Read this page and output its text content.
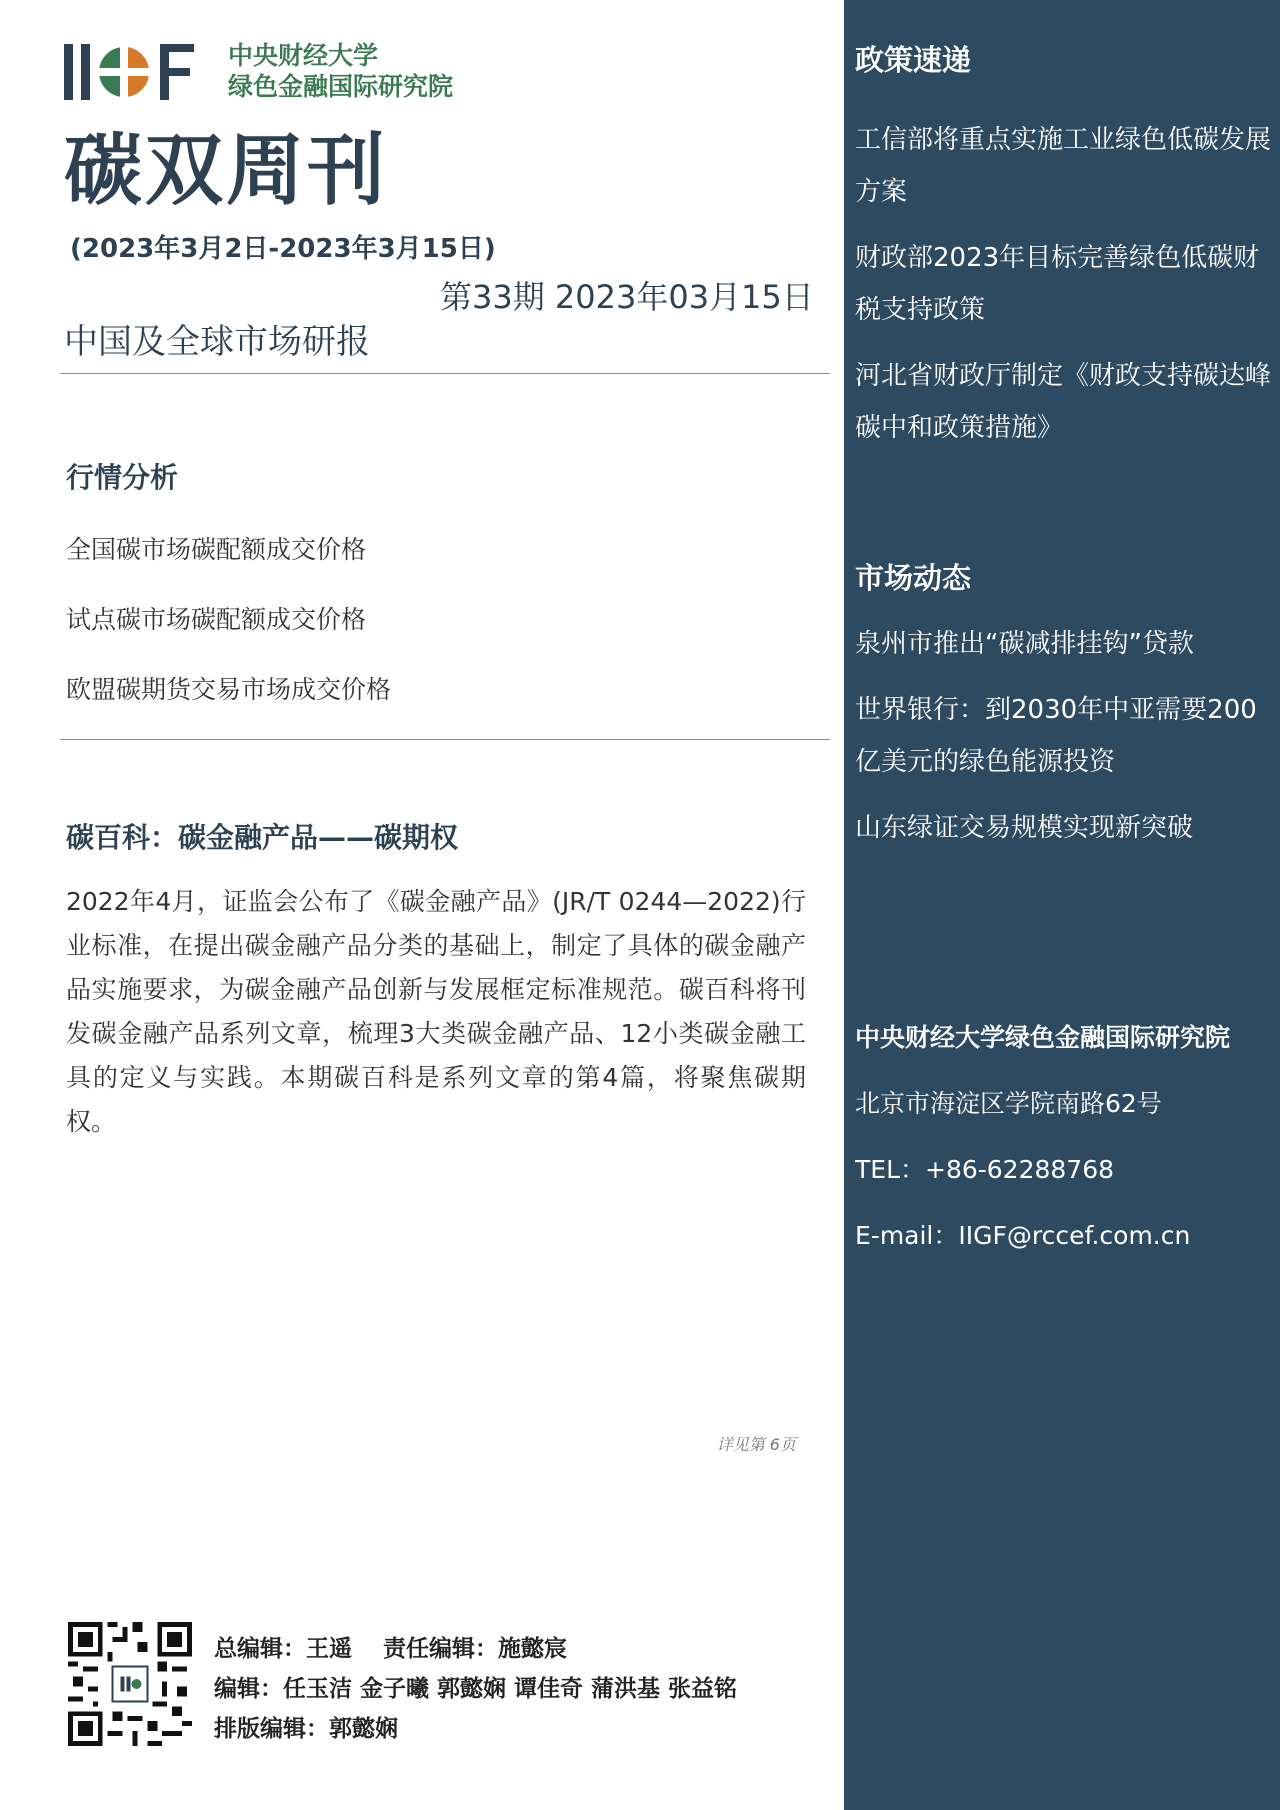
IIGF	中央财经大学
绿色金融国际研究院
碳双周刊
(2023年3月2日-2023年3月15日)
第33期 2023年03月15日
中国及全球市场研报
行情分析
全国碳市场碳配额成交价格
试点碳市场碳配额成交价格
欧盟碳期货交易市场成交价格
碳百科：碳金融产品——碳期权

2022年4月，证监会公布了《碳金融产品》(JR/T 0244—2022)行业标准，在提出碳金融产品分类的基础上，制定了具体的碳金融产品实施要求，为碳金融产品创新与发展框定标准规范。碳百科将刊发碳金融产品系列文章，梳理3大类碳金融产品、12小类碳金融工具的定义与实践。本期碳百科是系列文章的第4篇，将聚焦碳期权。

详见第 6页
总编辑：王遥　 责任编辑：施懿宸
编辑：任玉洁 金子曦 郭懿娴 谭佳奇 蒲洪基 张益铭
排版编辑：郭懿娴
政策速递

工信部将重点实施工业绿色低碳发展方案

财政部2023年目标完善绿色低碳财税支持政策

河北省财政厅制定《财政支持碳达峰碳中和政策措施》

市场动态

泉州市推出“碳减排挂钩”贷款

世界银行：到2030年中亚需要200亿美元的绿色能源投资

山东绿证交易规模实现新突破

中央财经大学绿色金融国际研究院
北京市海淀区学院南路62号
TEL：+86-62288768
E-mail：IIGF@rccef.com.cn
